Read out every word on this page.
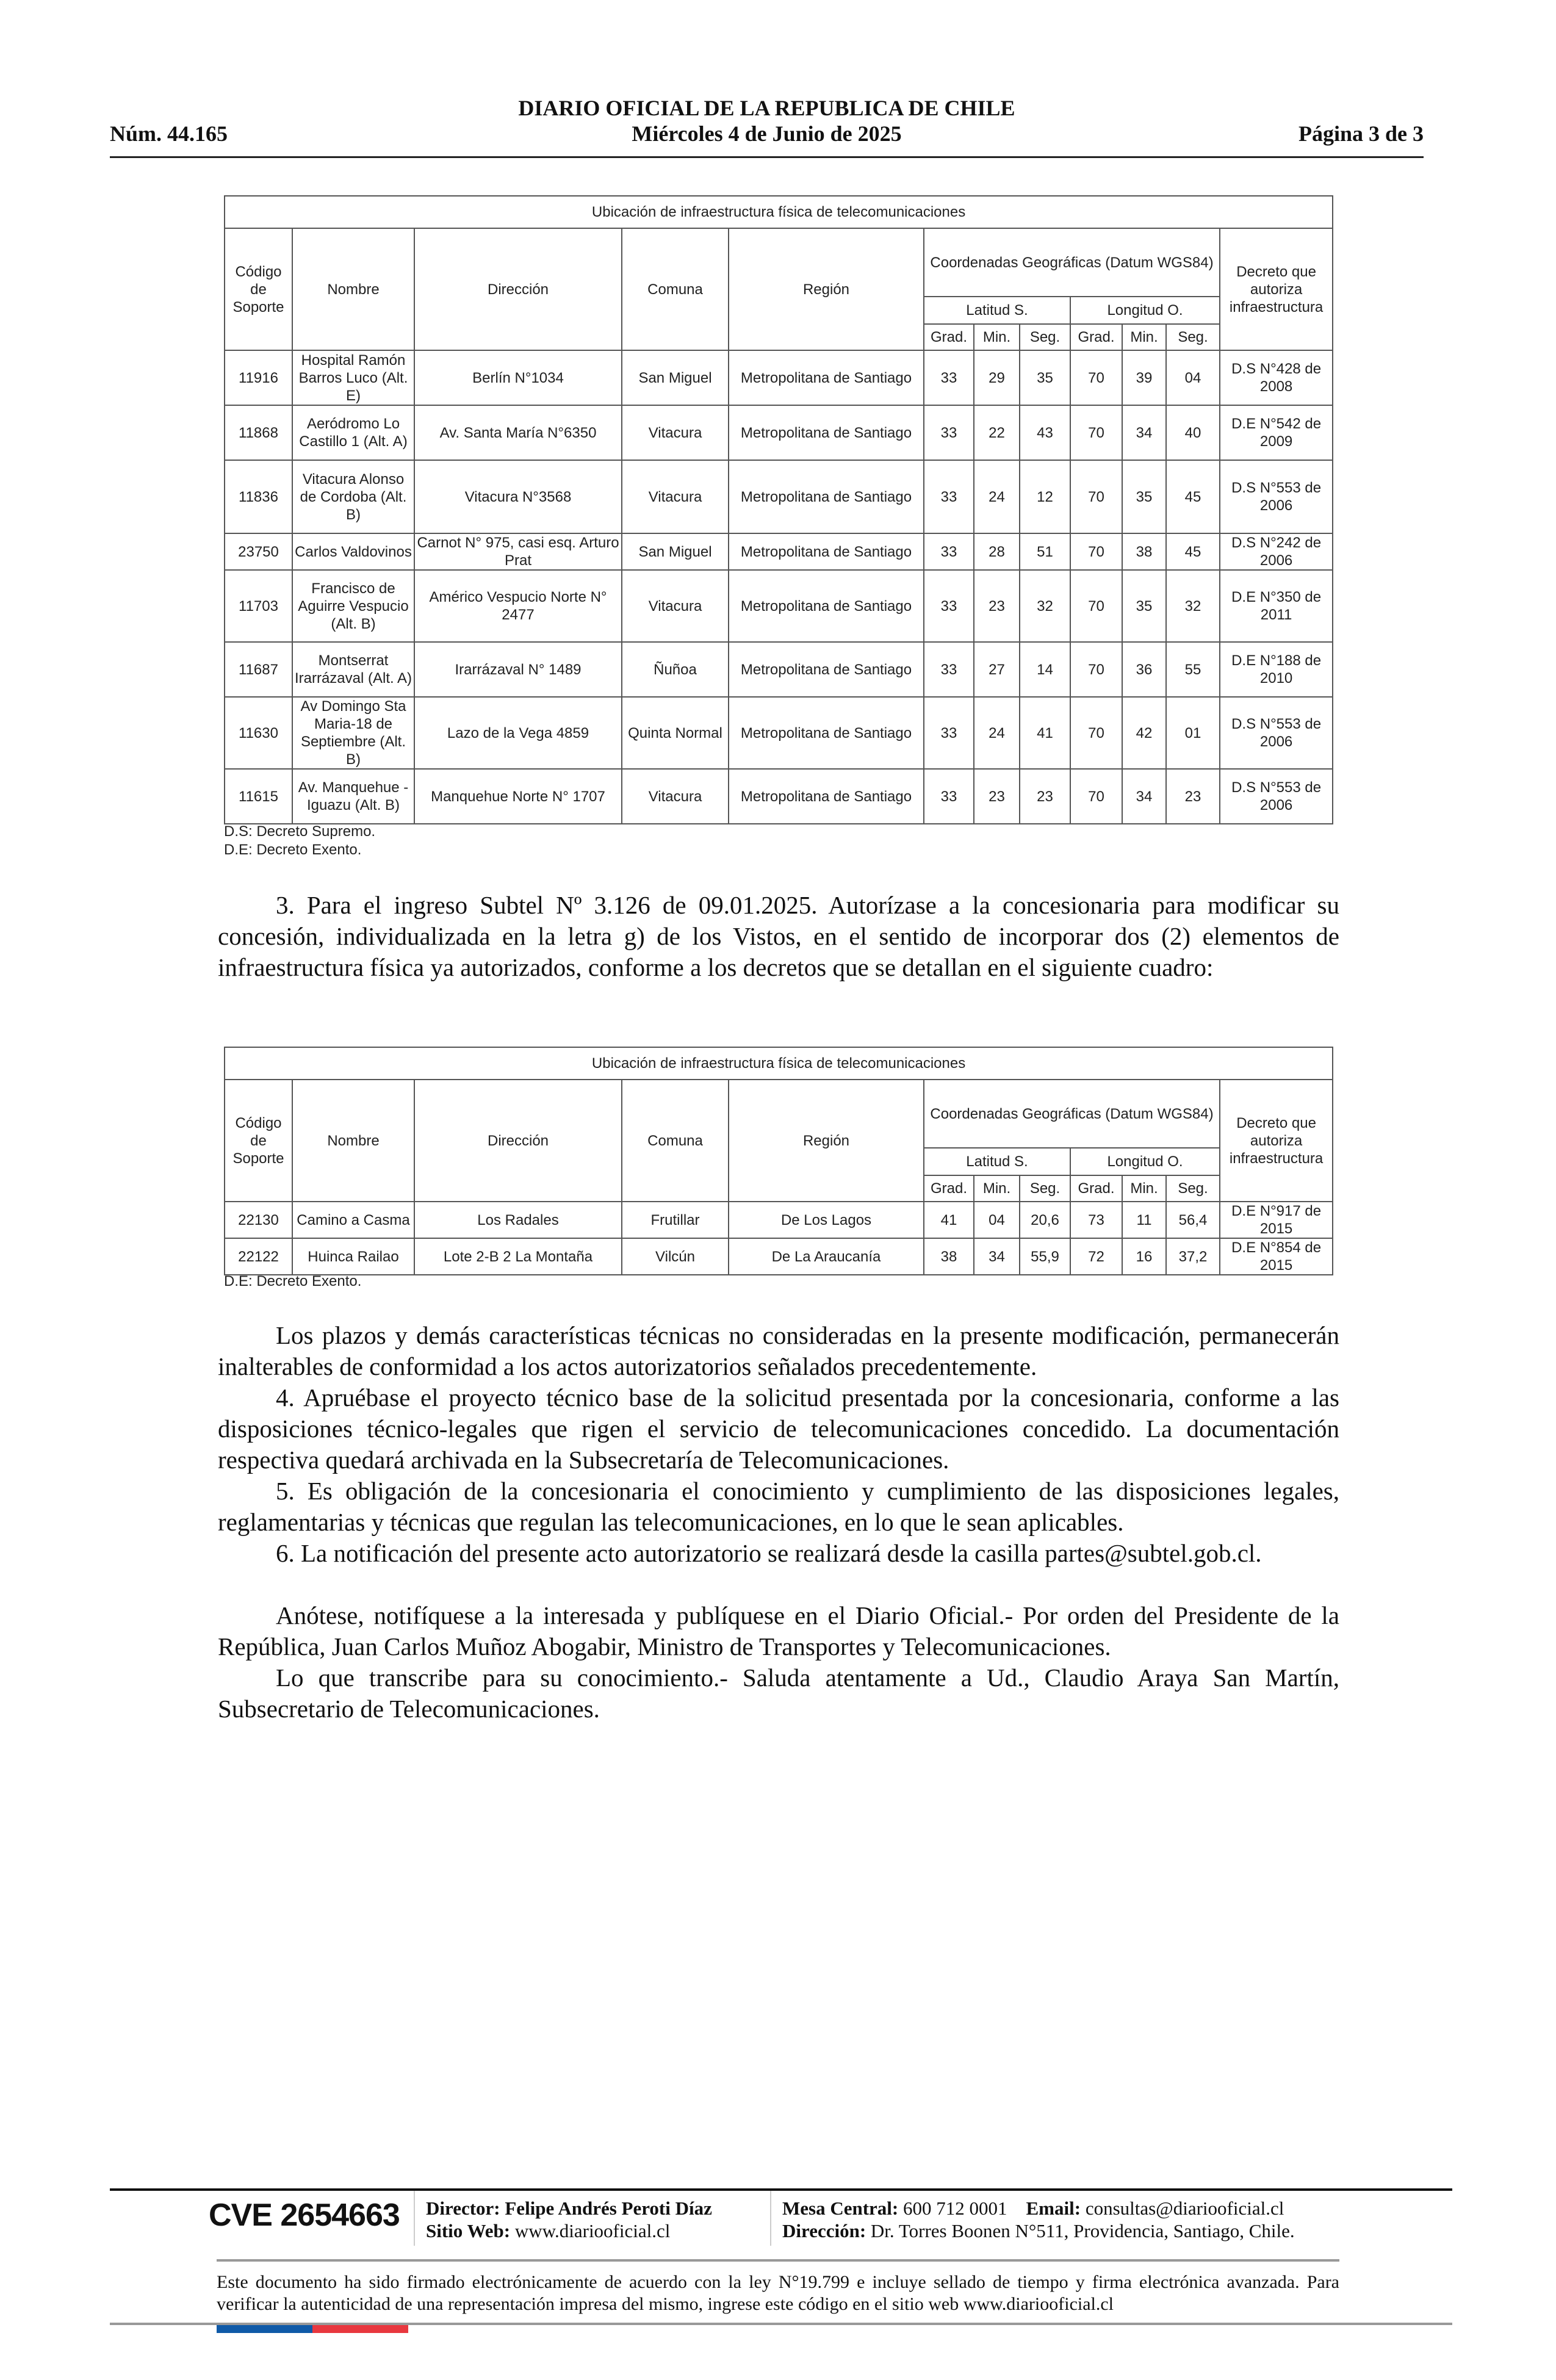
DIARIO OFICIAL DE LA REPUBLICA DE CHILE
Núm. 44.165	Miércoles 4 de Junio de 2025	Página 3 de 3
Ubicación de infraestructura física de telecomunicaciones											
Código de Soporte	Nombre	Dirección	Comuna	Región	Coordenadas Geográficas (Datum WGS84)						Decreto que autoriza infraestructura
					Latitud S.			Longitud O.			
					Grad.	Min.	Seg.	Grad.	Min.	Seg.	
11916	Hospital Ramón Barros Luco (Alt. E)	Berlín N°1034	San Miguel	Metropolitana de Santiago	33	29	35	70	39	04	D.S N°428 de 2008
11868	Aeródromo Lo Castillo 1 (Alt. A)	Av. Santa María N°6350	Vitacura	Metropolitana de Santiago	33	22	43	70	34	40	D.E N°542 de 2009
11836	Vitacura Alonso de Cordoba (Alt. B)	Vitacura N°3568	Vitacura	Metropolitana de Santiago	33	24	12	70	35	45	D.S N°553 de 2006
23750	Carlos Valdovinos	Carnot N° 975, casi esq. Arturo Prat	San Miguel	Metropolitana de Santiago	33	28	51	70	38	45	D.S N°242 de 2006
11703	Francisco de Aguirre Vespucio (Alt. B)	Américo Vespucio Norte N° 2477	Vitacura	Metropolitana de Santiago	33	23	32	70	35	32	D.E N°350 de 2011
11687	Montserrat Irarrázaval (Alt. A)	Irarrázaval N° 1489	Ñuñoa	Metropolitana de Santiago	33	27	14	70	36	55	D.E N°188 de 2010
11630	Av Domingo Sta Maria-18 de Septiembre (Alt. B)	Lazo de la Vega 4859	Quinta Normal	Metropolitana de Santiago	33	24	41	70	42	01	D.S N°553 de 2006
11615	Av. Manquehue - Iguazu (Alt. B)	Manquehue Norte N° 1707	Vitacura	Metropolitana de Santiago	33	23	23	70	34	23	D.S N°553 de 2006
D.S: Decreto Supremo.
D.E: Decreto Exento.
3. Para el ingreso Subtel Nº 3.126 de 09.01.2025. Autorízase a la concesionaria para modificar su concesión, individualizada en la letra g) de los Vistos, en el sentido de incorporar dos (2) elementos de infraestructura física ya autorizados, conforme a los decretos que se detallan en el siguiente cuadro:
Ubicación de infraestructura física de telecomunicaciones											
Código de Soporte	Nombre	Dirección	Comuna	Región	Coordenadas Geográficas (Datum WGS84)						Decreto que autoriza infraestructura
					Latitud S.			Longitud O.			
					Grad.	Min.	Seg.	Grad.	Min.	Seg.	
22130	Camino a Casma	Los Radales	Frutillar	De Los Lagos	41	04	20,6	73	11	56,4	D.E N°917 de 2015
22122	Huinca Railao	Lote 2-B 2 La Montaña	Vilcún	De La Araucanía	38	34	55,9	72	16	37,2	D.E N°854 de 2015
D.E: Decreto Exento.
Los plazos y demás características técnicas no consideradas en la presente modificación, permanecerán inalterables de conformidad a los actos autorizatorios señalados precedentemente.
4. Apruébase el proyecto técnico base de la solicitud presentada por la concesionaria, conforme a las disposiciones técnico-legales que rigen el servicio de telecomunicaciones concedido. La documentación respectiva quedará archivada en la Subsecretaría de Telecomunicaciones.
5. Es obligación de la concesionaria el conocimiento y cumplimiento de las disposiciones legales, reglamentarias y técnicas que regulan las telecomunicaciones, en lo que le sean aplicables.
6. La notificación del presente acto autorizatorio se realizará desde la casilla partes@subtel.gob.cl.
Anótese, notifíquese a la interesada y publíquese en el Diario Oficial.- Por orden del Presidente de la República, Juan Carlos Muñoz Abogabir, Ministro de Transportes y Telecomunicaciones.
Lo que transcribe para su conocimiento.- Saluda atentamente a Ud., Claudio Araya San Martín, Subsecretario de Telecomunicaciones.
CVE 2654663 Director: Felipe Andrés Peroti Díaz
Sitio Web: www.diariooficial.cl
Mesa Central: 600 712 0001 Email: consultas@diariooficial.cl
Dirección: Dr. Torres Boonen N°511, Providencia, Santiago, Chile.
Este documento ha sido firmado electrónicamente de acuerdo con la ley N°19.799 e incluye sellado de tiempo y firma electrónica avanzada. Para verificar la autenticidad de una representación impresa del mismo, ingrese este código en el sitio web www.diariooficial.cl
